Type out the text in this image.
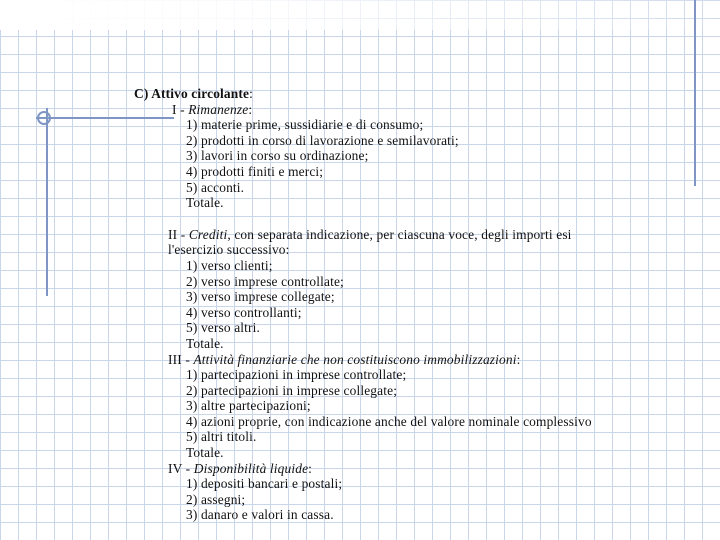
C) Attivo circolante:
I - Rimanenze:
1) materie prime, sussidiarie e di consumo;
2) prodotti in corso di lavorazione e semilavorati;
3) lavori in corso su ordinazione;
4) prodotti finiti e merci;
5) acconti.
Totale.
II - Crediti, con separata indicazione, per ciascuna voce, degli importi esi
l'esercizio successivo:
1) verso clienti;
2) verso imprese controllate;
3) verso imprese collegate;
4) verso controllanti;
5) verso altri.
Totale.
III - Attività finanziarie che non costituiscono immobilizzazioni:
1) partecipazioni in imprese controllate;
2) partecipazioni in imprese collegate;
3) altre partecipazioni;
4) azioni proprie, con indicazione anche del valore nominale complessivo
5) altri titoli.
Totale.
IV - Disponibilità liquide:
1) depositi bancari e postali;
2) assegni;
3) danaro e valori in cassa.
